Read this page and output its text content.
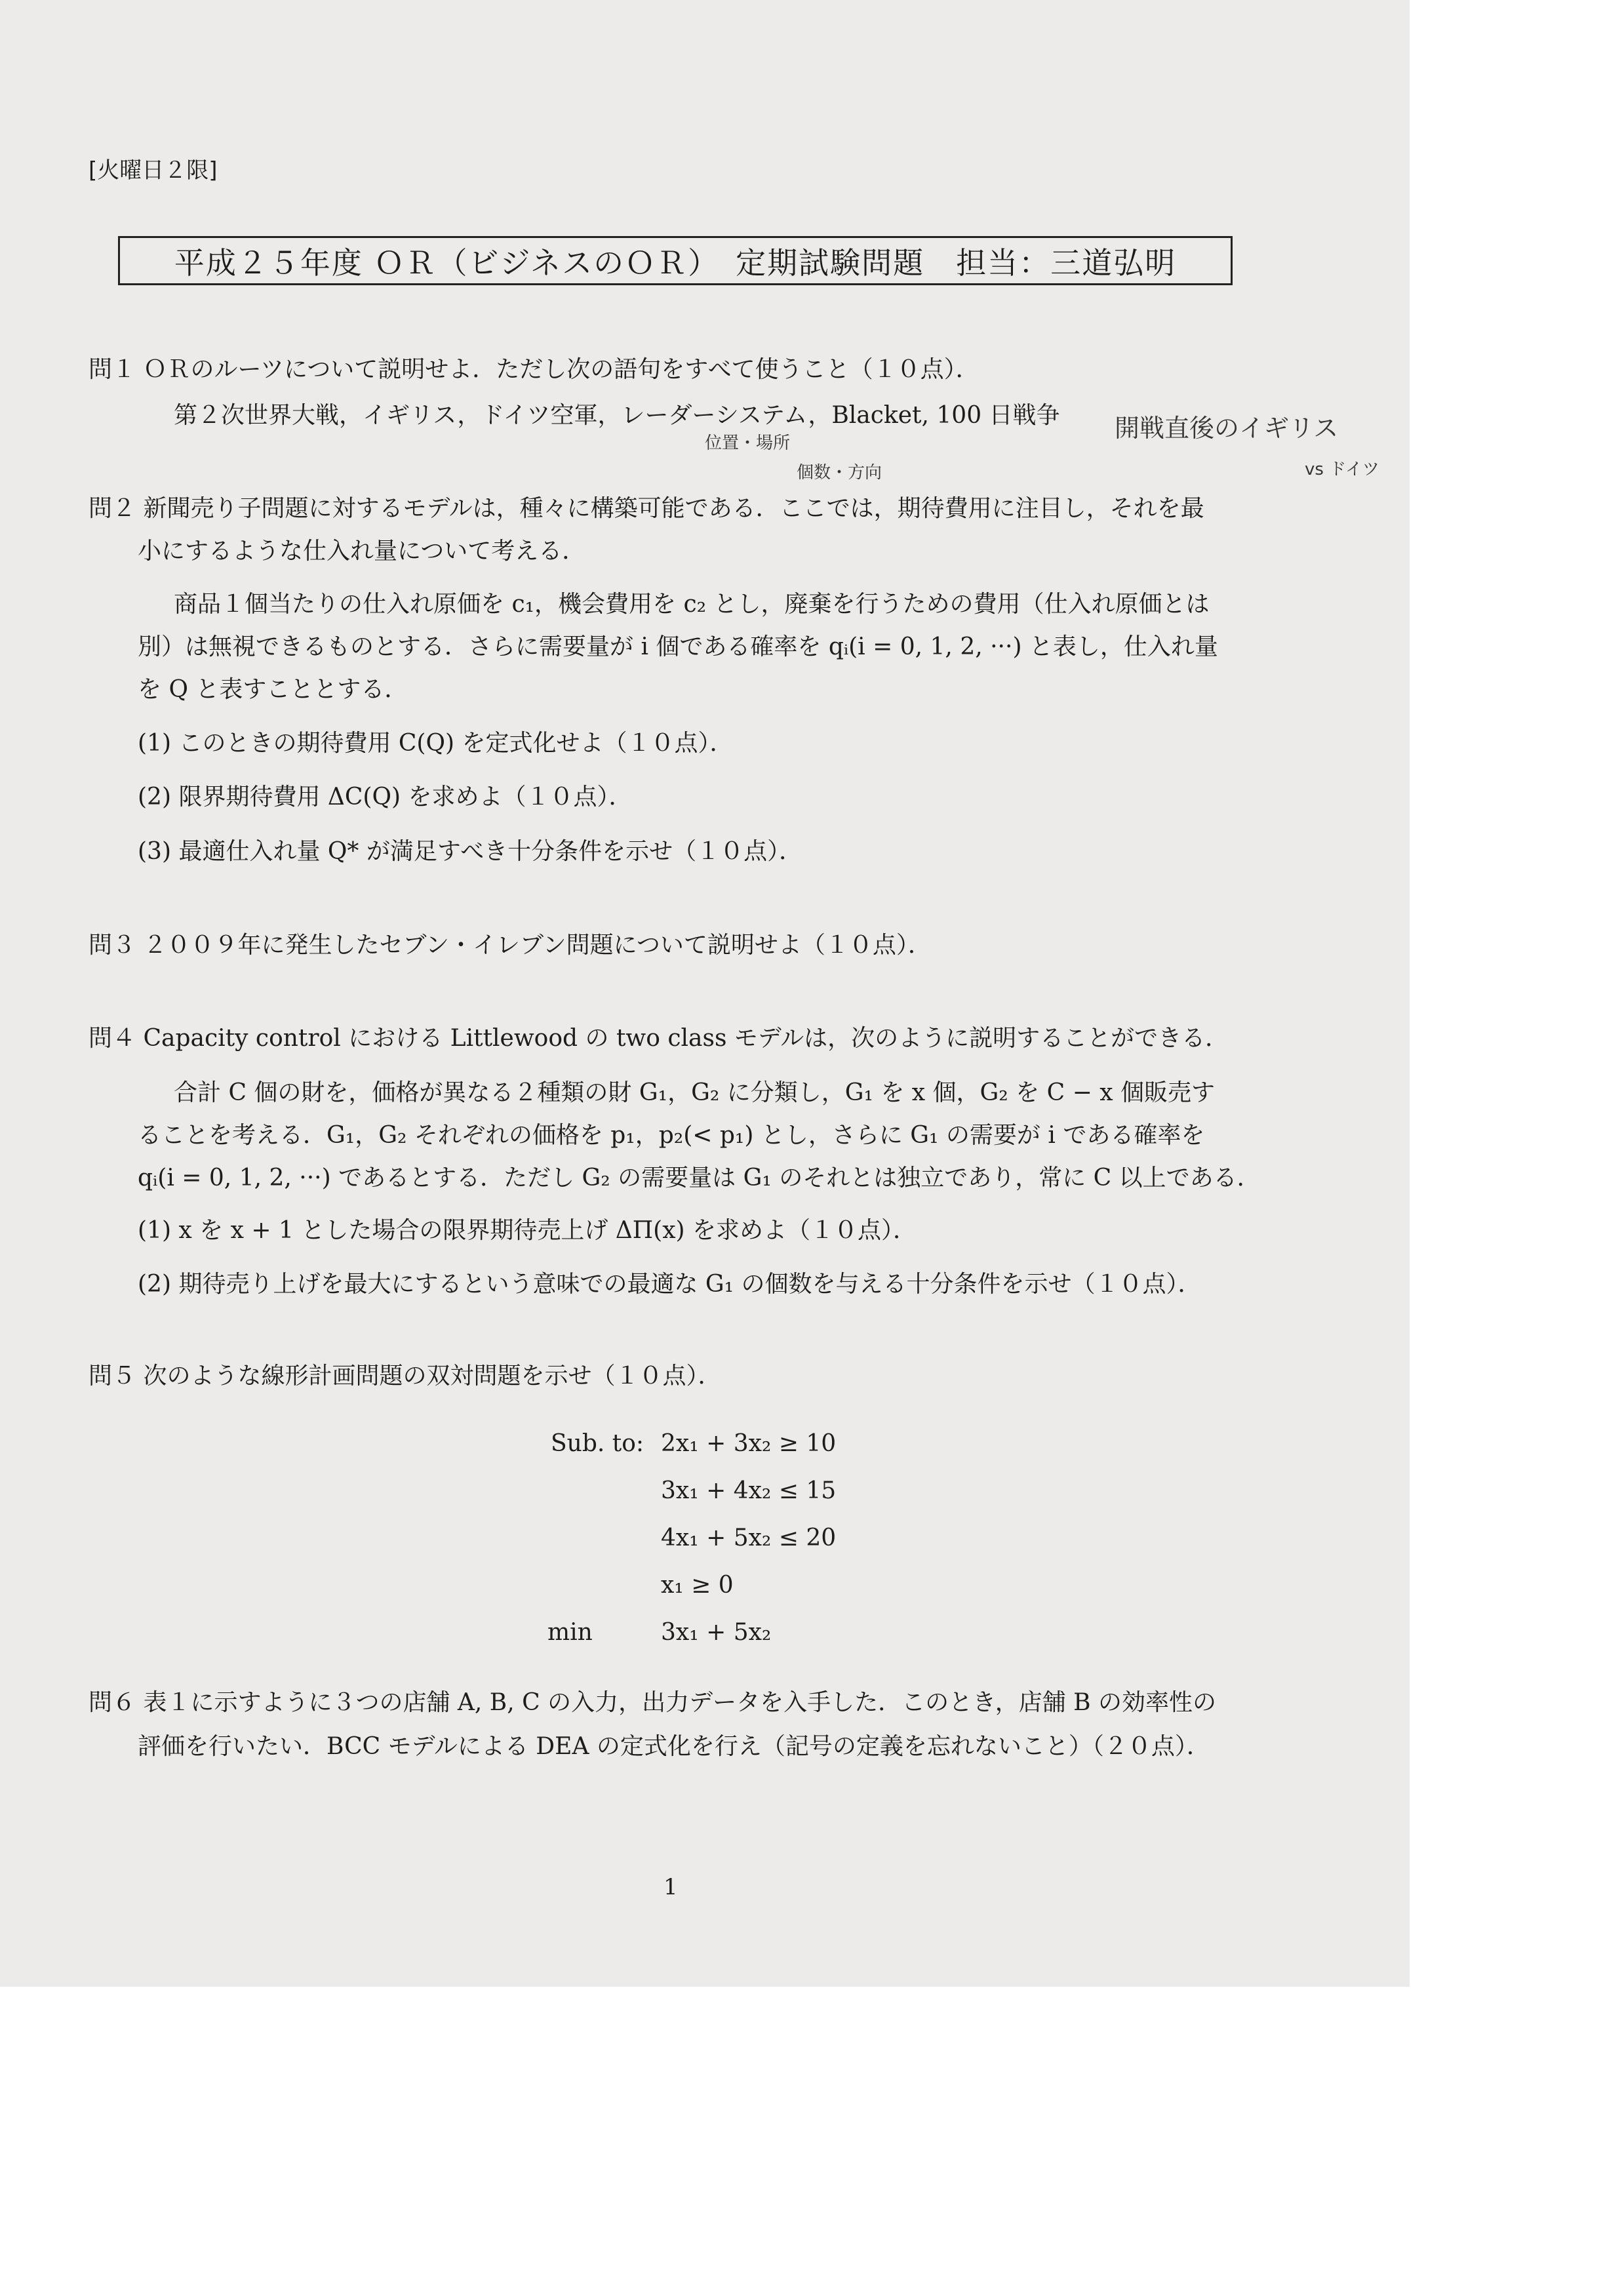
[火曜日２限]
平成２５年度 ＯＲ（ビジネスのＯＲ）　定期試験問題　担当：三道弘明
問１ ＯＲのルーツについて説明せよ．ただし次の語句をすべて使うこと（１０点）．
第２次世界大戦，イギリス，ドイツ空軍，レーダーシステム，Blacket, 100 日戦争 開戦直後のイギリス
vs ドイツ
位置・場所
個数・方向
問２ 新聞売り子問題に対するモデルは，種々に構築可能である．ここでは，期待費用に注目し，それを最
小にするような仕入れ量について考える．
商品１個当たりの仕入れ原価を c₁，機会費用を c₂ とし，廃棄を行うための費用（仕入れ原価とは
別）は無視できるものとする．さらに需要量が i 個である確率を qᵢ(i = 0, 1, 2, ···) と表し，仕入れ量
を Q と表すこととする．
(1) このときの期待費用 C(Q) を定式化せよ（１０点）．
(2) 限界期待費用 ΔC(Q) を求めよ（１０点）．
(3) 最適仕入れ量 Q* が満足すべき十分条件を示せ（１０点）．
問３ ２００９年に発生したセブン・イレブン問題について説明せよ（１０点）．
問４ Capacity control における Littlewood の two class モデルは，次のように説明することができる．
合計 C 個の財を，価格が異なる２種類の財 G₁，G₂ に分類し，G₁ を x 個，G₂ を C − x 個販売す
ることを考える．G₁，G₂ それぞれの価格を p₁，p₂(< p₁) とし，さらに G₁ の需要が i である確率を
qᵢ(i = 0, 1, 2, ···) であるとする．ただし G₂ の需要量は G₁ のそれとは独立であり，常に C 以上である．
(1) x を x + 1 とした場合の限界期待売上げ ΔΠ(x) を求めよ（１０点）．
(2) 期待売り上げを最大にするという意味での最適な G₁ の個数を与える十分条件を示せ（１０点）．
問５ 次のような線形計画問題の双対問題を示せ（１０点）．
Sub. to: 2x₁ + 3x₂ ≥ 10
3x₁ + 4x₂ ≤ 15
4x₁ + 5x₂ ≤ 20
x₁ ≥ 0
min	3x₁ + 5x₂
問６ 表１に示すように３つの店舗 A, B, C の入力，出力データを入手した．このとき，店舗 B の効率性の
評価を行いたい．BCC モデルによる DEA の定式化を行え（記号の定義を忘れないこと）（２０点）．
1
